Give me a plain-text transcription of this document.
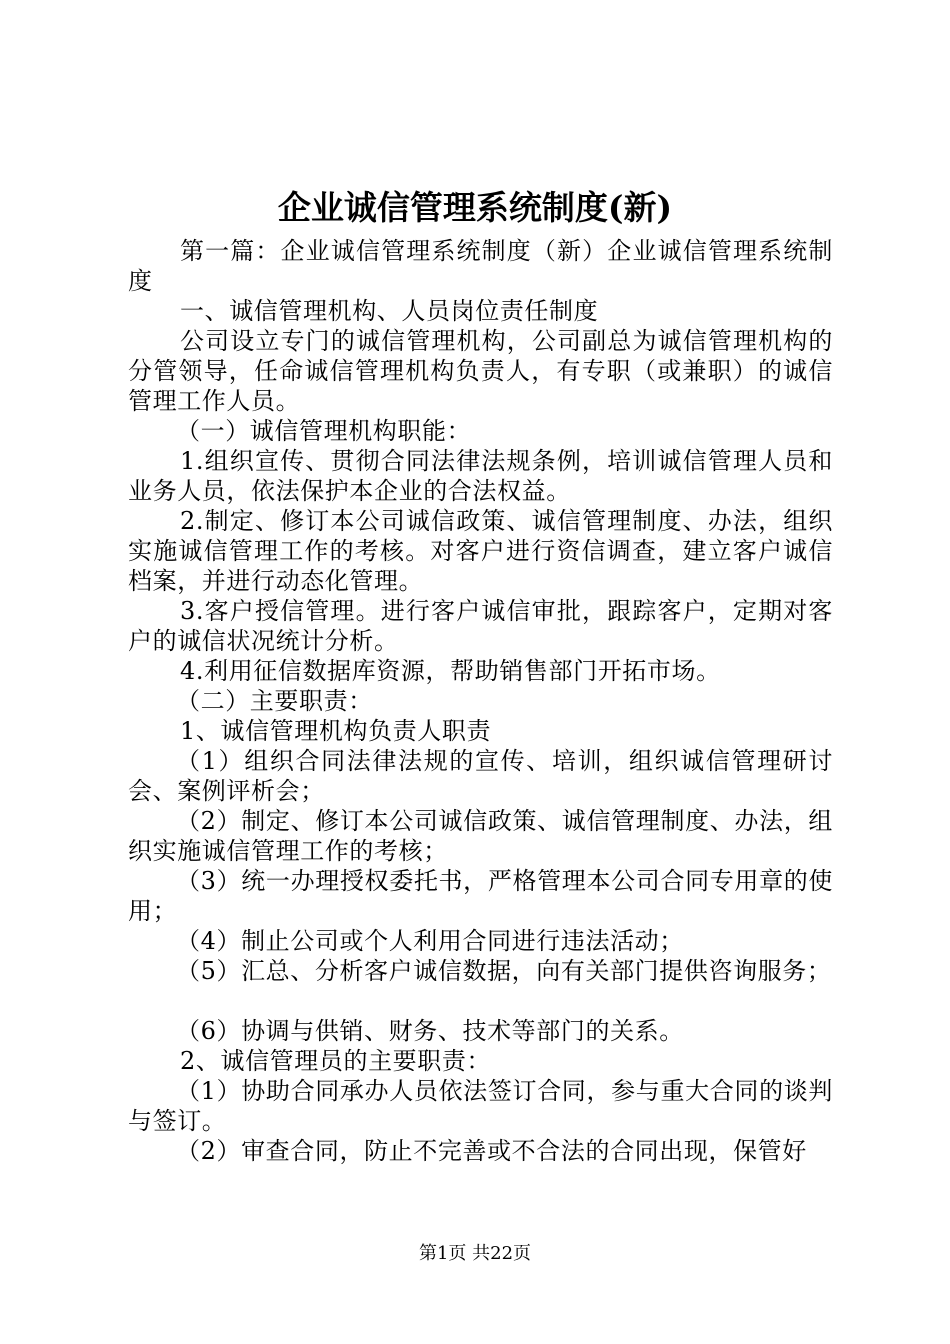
企业诚信管理系统制度(新)

第一篇：企业诚信管理系统制度（新）企业诚信管理系统制度

一、诚信管理机构、人员岗位责任制度

公司设立专门的诚信管理机构，公司副总为诚信管理机构的分管领导，任命诚信管理机构负责人，有专职（或兼职）的诚信管理工作人员。

（一）诚信管理机构职能：

1.组织宣传、贯彻合同法律法规条例，培训诚信管理人员和业务人员，依法保护本企业的合法权益。

2.制定、修订本公司诚信政策、诚信管理制度、办法，组织实施诚信管理工作的考核。对客户进行资信调查，建立客户诚信档案，并进行动态化管理。

3.客户授信管理。进行客户诚信审批，跟踪客户，定期对客户的诚信状况统计分析。

4.利用征信数据库资源，帮助销售部门开拓市场。

（二）主要职责：

1、诚信管理机构负责人职责

（1）组织合同法律法规的宣传、培训，组织诚信管理研讨会、案例评析会；

（2）制定、修订本公司诚信政策、诚信管理制度、办法，组织实施诚信管理工作的考核；

（3）统一办理授权委托书，严格管理本公司合同专用章的使用；

（4）制止公司或个人利用合同进行违法活动；

（5）汇总、分析客户诚信数据，向有关部门提供咨询服务；

（6）协调与供销、财务、技术等部门的关系。

2、诚信管理员的主要职责：

（1）协助合同承办人员依法签订合同，参与重大合同的谈判与签订。

（2）审查合同，防止不完善或不合法的合同出现，保管好

第1页 共22页
